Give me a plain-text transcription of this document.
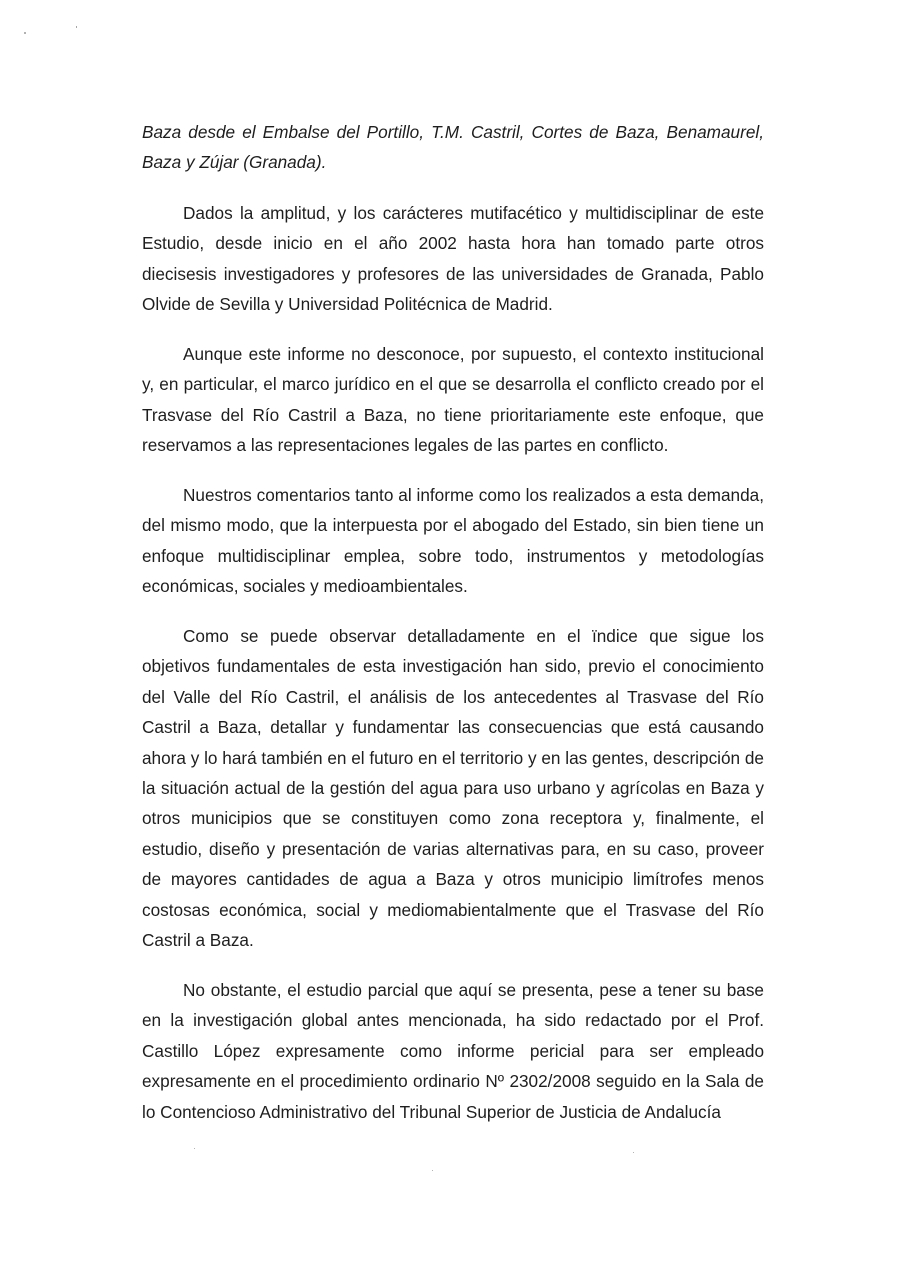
Baza desde el Embalse del Portillo, T.M. Castril, Cortes de Baza, Benamaurel, Baza y Zújar (Granada).

Dados la amplitud, y los carácteres mutifacético y multidisciplinar de este Estudio, desde inicio en el año 2002 hasta hora han tomado parte otros diecisesis investigadores y profesores de las universidades de Granada, Pablo Olvide de Sevilla y Universidad Politécnica de Madrid.

Aunque este informe no desconoce, por supuesto, el contexto institucional y, en particular, el marco jurídico en el que se desarrolla el conflicto creado por el Trasvase del Río Castril a Baza, no tiene prioritariamente este enfoque, que reservamos a las representaciones legales de las partes en conflicto.

Nuestros comentarios tanto al informe como los realizados a esta demanda, del mismo modo, que la interpuesta por el abogado del Estado, sin bien tiene un enfoque multidisciplinar emplea, sobre todo, instrumentos y metodologías económicas, sociales y medioambientales.

Como se puede observar detalladamente en el ïndice que sigue los objetivos fundamentales de esta investigación han sido, previo el conocimiento del Valle del Río Castril, el análisis de los antecedentes al Trasvase del Río Castril a Baza, detallar y fundamentar las consecuencias que está causando ahora y lo hará también en el futuro en el territorio y en las gentes, descripción de la situación actual de la gestión del agua para uso urbano y agrícolas en Baza y otros municipios que se constituyen como zona receptora y, finalmente, el estudio, diseño y presentación de varias alternativas para, en su caso, proveer de mayores cantidades de agua a Baza y otros municipio limítrofes menos costosas económica, social y mediomabientalmente que el Trasvase del Río Castril a Baza.

No obstante, el estudio parcial que aquí se presenta, pese a tener su base en la investigación global antes mencionada, ha sido redactado por el Prof. Castillo López expresamente como informe pericial para ser empleado expresamente en el procedimiento ordinario Nº 2302/2008 seguido en la Sala de lo Contencioso Administrativo del Tribunal Superior de Justicia de Andalucía
